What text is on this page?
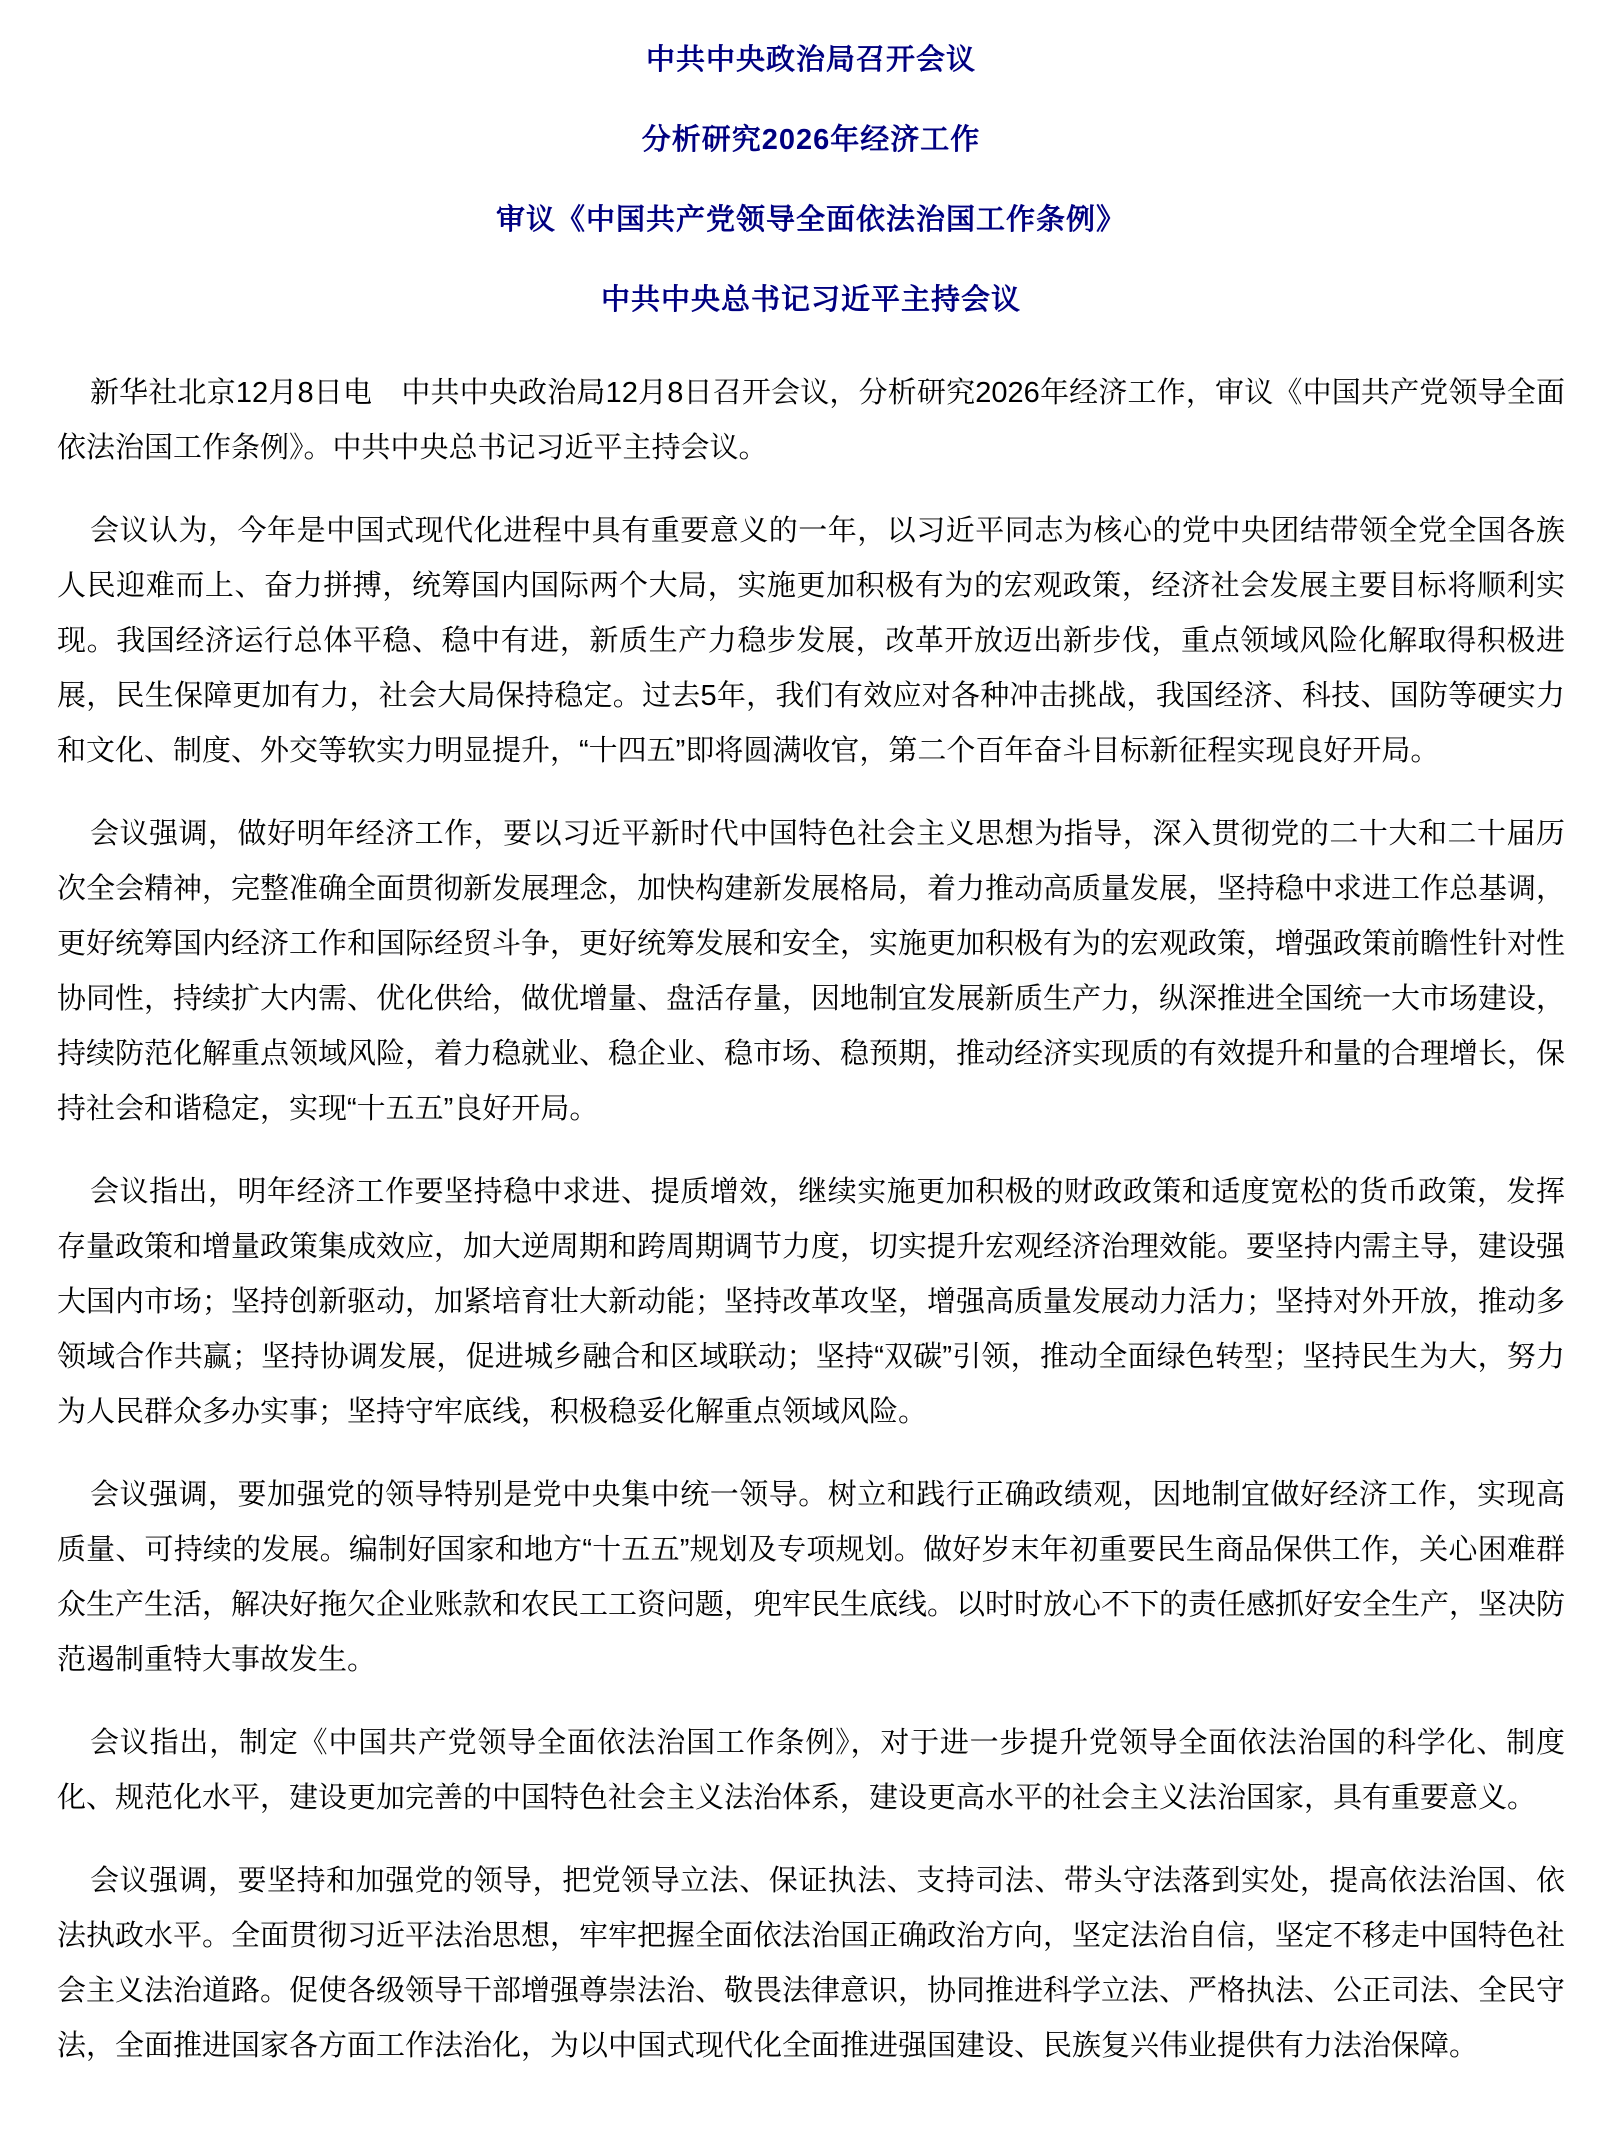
中共中央政治局召开会议
分析研究2026年经济工作
审议《中国共产党领导全面依法治国工作条例》
中共中央总书记习近平主持会议

新华社北京12月8日电　中共中央政治局12月8日召开会议，分析研究2026年经济工作，审议《中国共产党领导全面依法治国工作条例》。中共中央总书记习近平主持会议。

会议认为，今年是中国式现代化进程中具有重要意义的一年，以习近平同志为核心的党中央团结带领全党全国各族人民迎难而上、奋力拼搏，统筹国内国际两个大局，实施更加积极有为的宏观政策，经济社会发展主要目标将顺利实现。我国经济运行总体平稳、稳中有进，新质生产力稳步发展，改革开放迈出新步伐，重点领域风险化解取得积极进展，民生保障更加有力，社会大局保持稳定。过去5年，我们有效应对各种冲击挑战，我国经济、科技、国防等硬实力和文化、制度、外交等软实力明显提升，“十四五”即将圆满收官，第二个百年奋斗目标新征程实现良好开局。

会议强调，做好明年经济工作，要以习近平新时代中国特色社会主义思想为指导，深入贯彻党的二十大和二十届历次全会精神，完整准确全面贯彻新发展理念，加快构建新发展格局，着力推动高质量发展，坚持稳中求进工作总基调，更好统筹国内经济工作和国际经贸斗争，更好统筹发展和安全，实施更加积极有为的宏观政策，增强政策前瞻性针对性协同性，持续扩大内需、优化供给，做优增量、盘活存量，因地制宜发展新质生产力，纵深推进全国统一大市场建设，持续防范化解重点领域风险，着力稳就业、稳企业、稳市场、稳预期，推动经济实现质的有效提升和量的合理增长，保持社会和谐稳定，实现“十五五”良好开局。

会议指出，明年经济工作要坚持稳中求进、提质增效，继续实施更加积极的财政政策和适度宽松的货币政策，发挥存量政策和增量政策集成效应，加大逆周期和跨周期调节力度，切实提升宏观经济治理效能。要坚持内需主导，建设强大国内市场；坚持创新驱动，加紧培育壮大新动能；坚持改革攻坚，增强高质量发展动力活力；坚持对外开放，推动多领域合作共赢；坚持协调发展，促进城乡融合和区域联动；坚持“双碳”引领，推动全面绿色转型；坚持民生为大，努力为人民群众多办实事；坚持守牢底线，积极稳妥化解重点领域风险。

会议强调，要加强党的领导特别是党中央集中统一领导。树立和践行正确政绩观，因地制宜做好经济工作，实现高质量、可持续的发展。编制好国家和地方“十五五”规划及专项规划。做好岁末年初重要民生商品保供工作，关心困难群众生产生活，解决好拖欠企业账款和农民工工资问题，兜牢民生底线。以时时放心不下的责任感抓好安全生产，坚决防范遏制重特大事故发生。

会议指出，制定《中国共产党领导全面依法治国工作条例》，对于进一步提升党领导全面依法治国的科学化、制度化、规范化水平，建设更加完善的中国特色社会主义法治体系，建设更高水平的社会主义法治国家，具有重要意义。

会议强调，要坚持和加强党的领导，把党领导立法、保证执法、支持司法、带头守法落到实处，提高依法治国、依法执政水平。全面贯彻习近平法治思想，牢牢把握全面依法治国正确政治方向，坚定法治自信，坚定不移走中国特色社会主义法治道路。促使各级领导干部增强尊崇法治、敬畏法律意识，协同推进科学立法、严格执法、公正司法、全民守法，全面推进国家各方面工作法治化，为以中国式现代化全面推进强国建设、民族复兴伟业提供有力法治保障。
